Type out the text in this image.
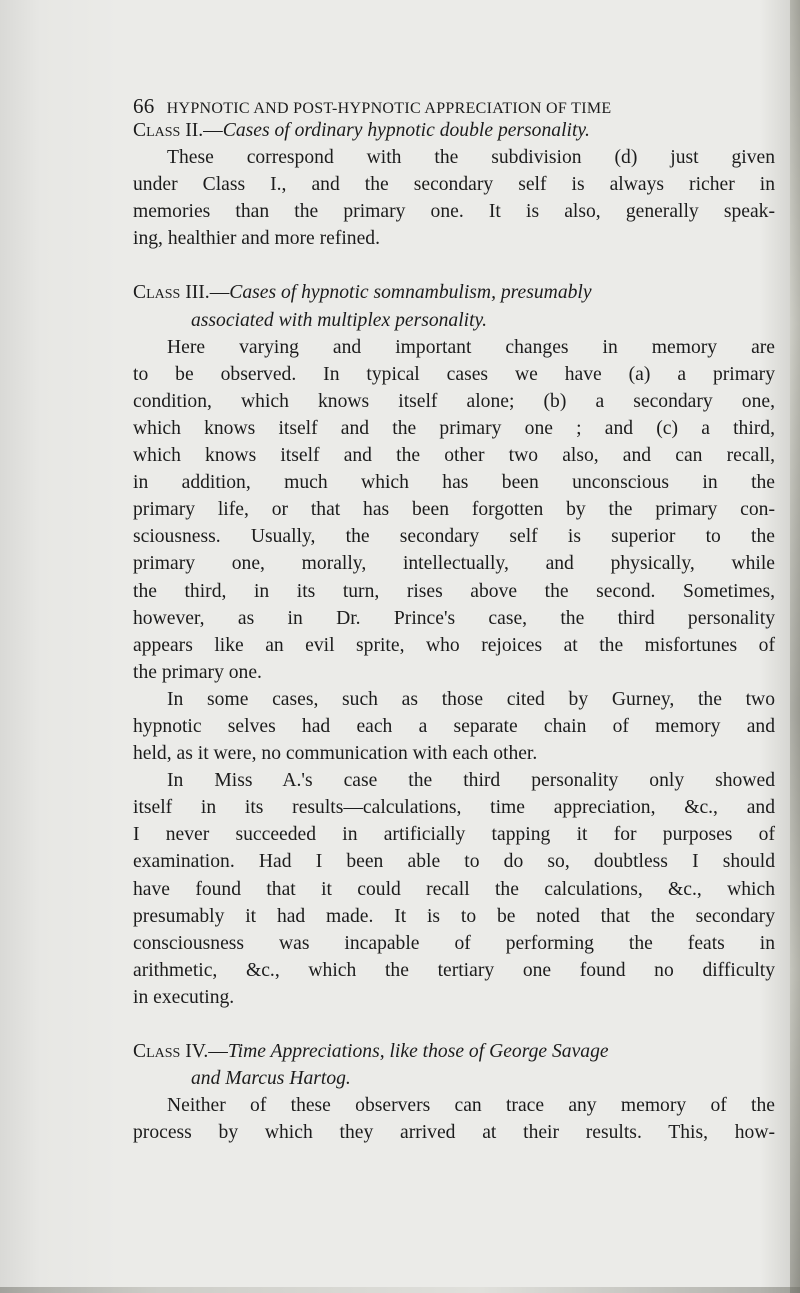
66 HYPNOTIC AND POST-HYPNOTIC APPRECIATION OF TIME
Class II.—Cases of ordinary hypnotic double personality.
These correspond with the subdivision (d) just given
under Class I., and the secondary self is always richer in
memories than the primary one. It is also, generally speak-
ing, healthier and more refined.
Class III.—Cases of hypnotic somnambulism, presumably
associated with multiplex personality.
Here varying and important changes in memory are
to be observed. In typical cases we have (a) a primary
condition, which knows itself alone; (b) a secondary one,
which knows itself and the primary one ; and (c) a third,
which knows itself and the other two also, and can recall,
in addition, much which has been unconscious in the
primary life, or that has been forgotten by the primary con-
sciousness. Usually, the secondary self is superior to the
primary one, morally, intellectually, and physically, while
the third, in its turn, rises above the second. Sometimes,
however, as in Dr. Prince's case, the third personality
appears like an evil sprite, who rejoices at the misfortunes of
the primary one.
In some cases, such as those cited by Gurney, the two
hypnotic selves had each a separate chain of memory and
held, as it were, no communication with each other.
In Miss A.'s case the third personality only showed
itself in its results—calculations, time appreciation, &c., and
I never succeeded in artificially tapping it for purposes of
examination. Had I been able to do so, doubtless I should
have found that it could recall the calculations, &c., which
presumably it had made. It is to be noted that the secondary
consciousness was incapable of performing the feats in
arithmetic, &c., which the tertiary one found no difficulty
in executing.
Class IV.—Time Appreciations, like those of George Savage
and Marcus Hartog.
Neither of these observers can trace any memory of the
process by which they arrived at their results. This, how-
